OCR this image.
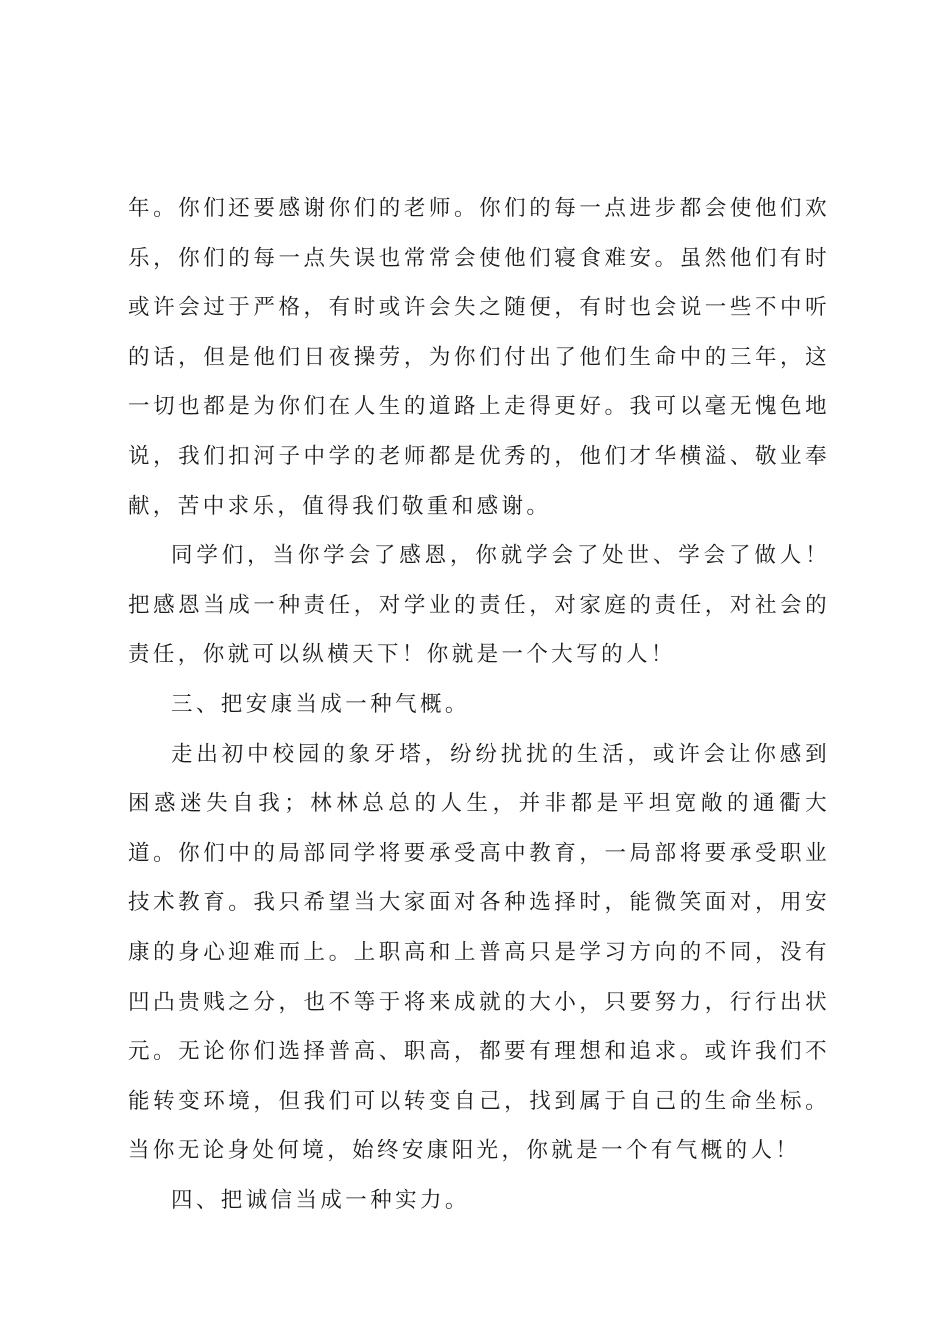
年。你们还要感谢你们的老师。你们的每一点进步都会使他们欢乐，你们的每一点失误也常常会使他们寝食难安。虽然他们有时或许会过于严格，有时或许会失之随便，有时也会说一些不中听的话，但是他们日夜操劳，为你们付出了他们生命中的三年，这一切也都是为你们在人生的道路上走得更好。我可以毫无愧色地说，我们扣河子中学的老师都是优秀的，他们才华横溢、敬业奉献，苦中求乐，值得我们敬重和感谢。

同学们，当你学会了感恩，你就学会了处世、学会了做人！把感恩当成一种责任，对学业的责任，对家庭的责任，对社会的责任，你就可以纵横天下！你就是一个大写的人！

三、把安康当成一种气概。

走出初中校园的象牙塔，纷纷扰扰的生活，或许会让你感到困惑迷失自我；林林总总的人生，并非都是平坦宽敞的通衢大道。你们中的局部同学将要承受高中教育，一局部将要承受职业技术教育。我只希望当大家面对各种选择时，能微笑面对，用安康的身心迎难而上。上职高和上普高只是学习方向的不同，没有凹凸贵贱之分，也不等于将来成就的大小，只要努力，行行出状元。无论你们选择普高、职高，都要有理想和追求。或许我们不能转变环境，但我们可以转变自己，找到属于自己的生命坐标。当你无论身处何境，始终安康阳光，你就是一个有气概的人！

四、把诚信当成一种实力。
